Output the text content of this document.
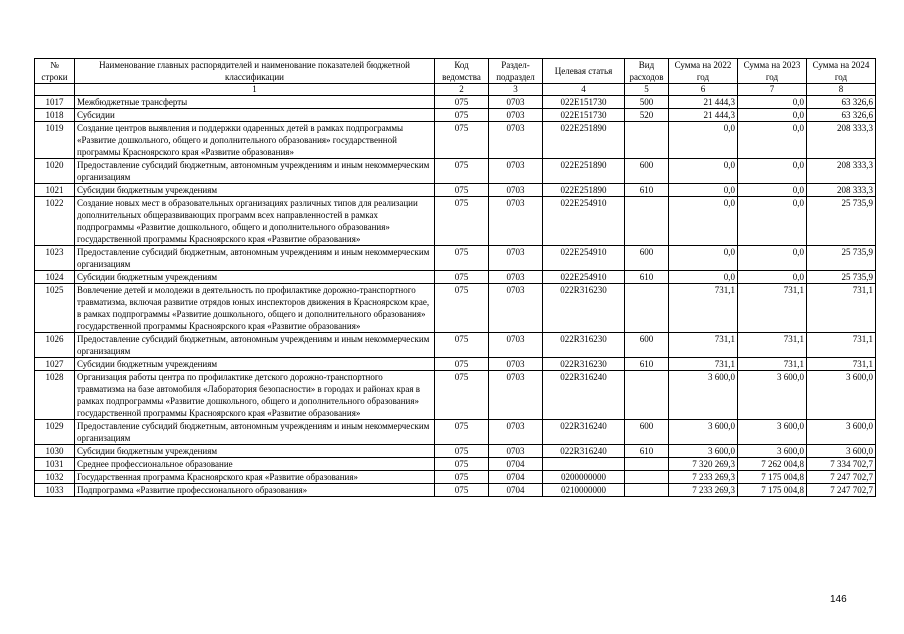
№ строки	Наименование главных распорядителей и наименование показателей бюджетной классификации	Код ведомства	Раздел-подраздел	Целевая статья	Вид расходов	Сумма на 2022 год	Сумма на 2023 год	Сумма на 2024 год
	1	2	3	4	5	6	7	8
1017	Межбюджетные трансферты	075	0703	022E151730	500	21 444,3	0,0	63 326,6
1018	Субсидии	075	0703	022E151730	520	21 444,3	0,0	63 326,6
1019	Создание центров выявления и поддержки одаренных детей в рамках подпрограммы «Развитие дошкольного, общего и дополнительного образования» государственной программы Красноярского края «Развитие образования»	075	0703	022E251890		0,0	0,0	208 333,3
1020	Предоставление субсидий бюджетным, автономным учреждениям и иным некоммерческим организациям	075	0703	022E251890	600	0,0	0,0	208 333,3
1021	Субсидии бюджетным учреждениям	075	0703	022E251890	610	0,0	0,0	208 333,3
1022	Создание новых мест в образовательных организациях различных типов для реализации дополнительных общеразвивающих программ всех направленностей в рамках подпрограммы «Развитие дошкольного, общего и дополнительного образования» государственной программы Красноярского края «Развитие образования»	075	0703	022E254910		0,0	0,0	25 735,9
1023	Предоставление субсидий бюджетным, автономным учреждениям и иным некоммерческим организациям	075	0703	022E254910	600	0,0	0,0	25 735,9
1024	Субсидии бюджетным учреждениям	075	0703	022E254910	610	0,0	0,0	25 735,9
1025	Вовлечение детей и молодежи в деятельность по профилактике дорожно-транспортного травматизма, включая развитие отрядов юных инспекторов движения в Красноярском крае, в рамках подпрограммы «Развитие дошкольного, общего и дополнительного образования» государственной программы Красноярского края «Развитие образования»	075	0703	022R316230		731,1	731,1	731,1
1026	Предоставление субсидий бюджетным, автономным учреждениям и иным некоммерческим организациям	075	0703	022R316230	600	731,1	731,1	731,1
1027	Субсидии бюджетным учреждениям	075	0703	022R316230	610	731,1	731,1	731,1
1028	Организация работы центра по профилактике детского дорожно-транспортного травматизма на базе автомобиля «Лаборатория безопасности» в городах и районах края в рамках подпрограммы «Развитие дошкольного, общего и дополнительного образования» государственной программы Красноярского края «Развитие образования»	075	0703	022R316240		3 600,0	3 600,0	3 600,0
1029	Предоставление субсидий бюджетным, автономным учреждениям и иным некоммерческим организациям	075	0703	022R316240	600	3 600,0	3 600,0	3 600,0
1030	Субсидии бюджетным учреждениям	075	0703	022R316240	610	3 600,0	3 600,0	3 600,0
1031	Среднее профессиональное образование	075	0704			7 320 269,3	7 262 004,8	7 334 702,7
1032	Государственная программа Красноярского края «Развитие образования»	075	0704	0200000000		7 233 269,3	7 175 004,8	7 247 702,7
1033	Подпрограмма «Развитие профессионального образования»	075	0704	0210000000		7 233 269,3	7 175 004,8	7 247 702,7
146
